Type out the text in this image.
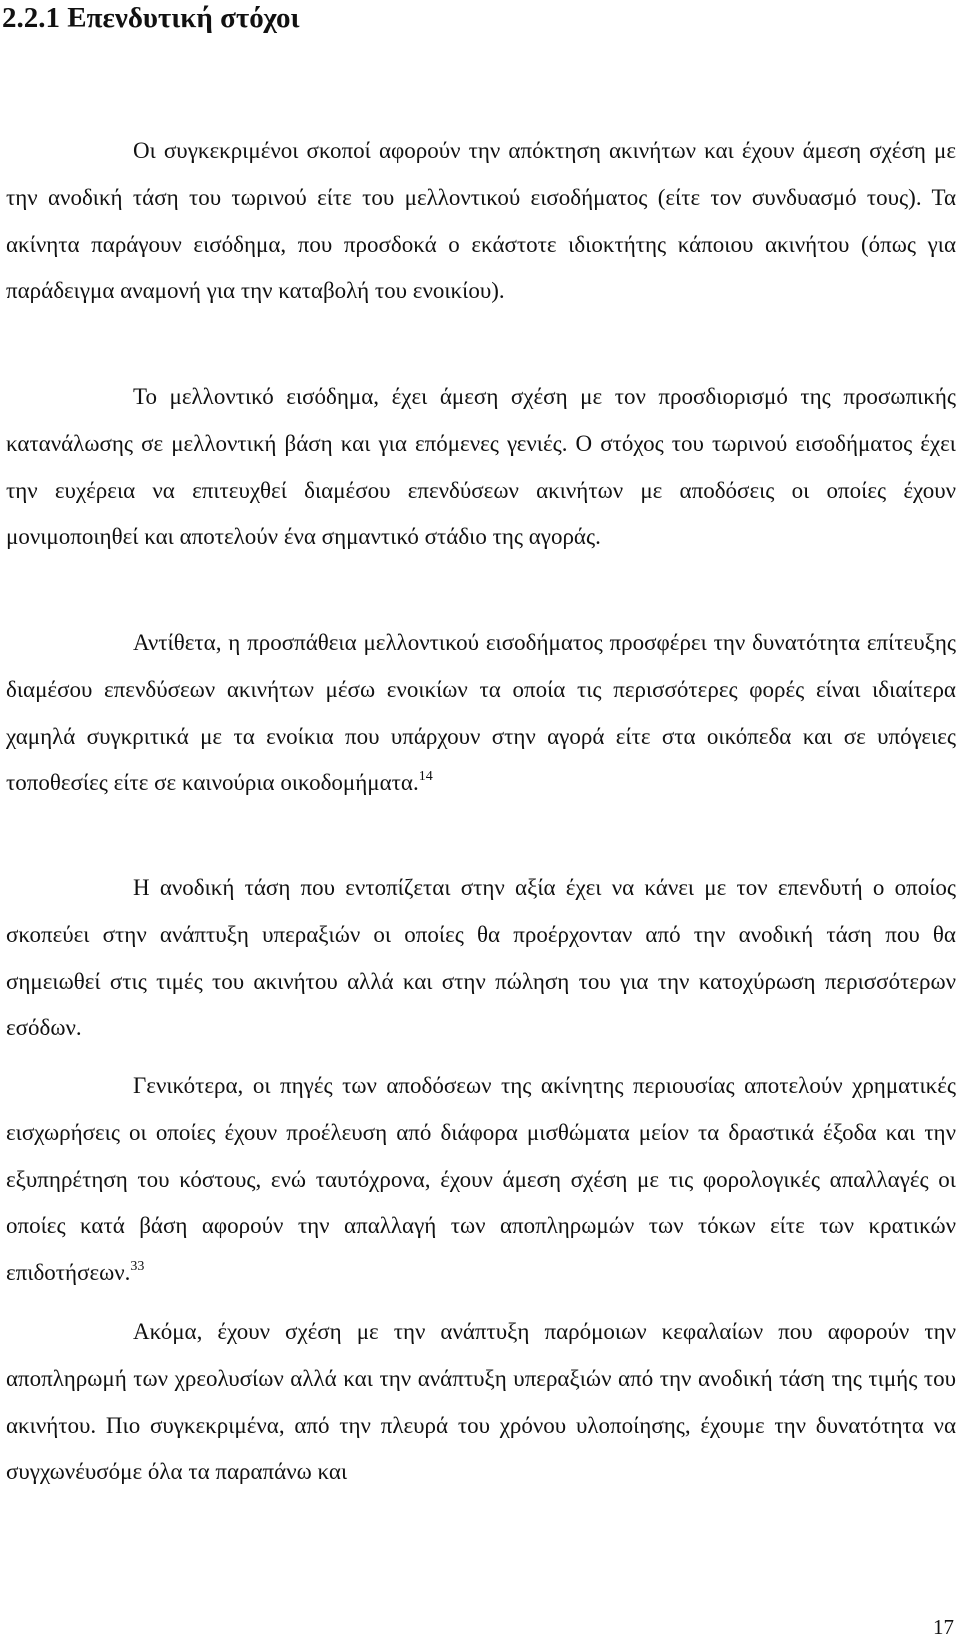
2.2.1 Επενδυτική στόχοι

Οι συγκεκριμένοι σκοποί αφορούν την απόκτηση ακινήτων και έχουν άμεση σχέση με την ανοδική τάση του τωρινού είτε του μελλοντικού εισοδήματος (είτε τον συνδυασμό τους). Τα ακίνητα παράγουν εισόδημα, που προσδοκά ο εκάστοτε ιδιοκτήτης κάποιου ακινήτου (όπως για παράδειγμα αναμονή για την καταβολή του ενοικίου).

Το μελλοντικό εισόδημα, έχει άμεση σχέση με τον προσδιορισμό της προσωπικής κατανάλωσης σε μελλοντική βάση και για επόμενες γενιές. Ο στόχος του τωρινού εισοδήματος έχει την ευχέρεια να επιτευχθεί διαμέσου επενδύσεων ακινήτων με αποδόσεις οι οποίες έχουν μονιμοποιηθεί και αποτελούν ένα σημαντικό στάδιο της αγοράς.

Αντίθετα, η προσπάθεια μελλοντικού εισοδήματος προσφέρει την δυνατότητα επίτευξης διαμέσου επενδύσεων ακινήτων μέσω ενοικίων τα οποία τις περισσότερες φορές είναι ιδιαίτερα χαμηλά συγκριτικά με τα ενοίκια που υπάρχουν στην αγορά είτε στα οικόπεδα και σε υπόγειες τοποθεσίες είτε σε καινούρια οικοδομήματα.$^{14}$

Η ανοδική τάση που εντοπίζεται στην αξία έχει να κάνει με τον επενδυτή ο οποίος σκοπεύει στην ανάπτυξη υπεραξιών οι οποίες θα προέρχονταν από την ανοδική τάση που θα σημειωθεί στις τιμές του ακινήτου αλλά και στην πώληση του για την κατοχύρωση περισσότερων εσόδων.

Γενικότερα, οι πηγές των αποδόσεων της ακίνητης περιουσίας αποτελούν χρηματικές εισχωρήσεις οι οποίες έχουν προέλευση από διάφορα μισθώματα μείον τα δραστικά έξοδα και την εξυπηρέτηση του κόστους, ενώ ταυτόχρονα, έχουν άμεση σχέση με τις φορολογικές απαλλαγές οι οποίες κατά βάση αφορούν την απαλλαγή των αποπληρωμών των τόκων είτε των κρατικών επιδοτήσεων.$^{33}$

Ακόμα, έχουν σχέση με την ανάπτυξη παρόμοιων κεφαλαίων που αφορούν την αποπληρωμή των χρεολυσίων αλλά και την ανάπτυξη υπεραξιών από την ανοδική τάση της τιμής του ακινήτου. Πιο συγκεκριμένα, από την πλευρά του χρόνου υλοποίησης, έχουμε την δυνατότητα να συγχωνέυσόμε όλα τα παραπάνω και

17
